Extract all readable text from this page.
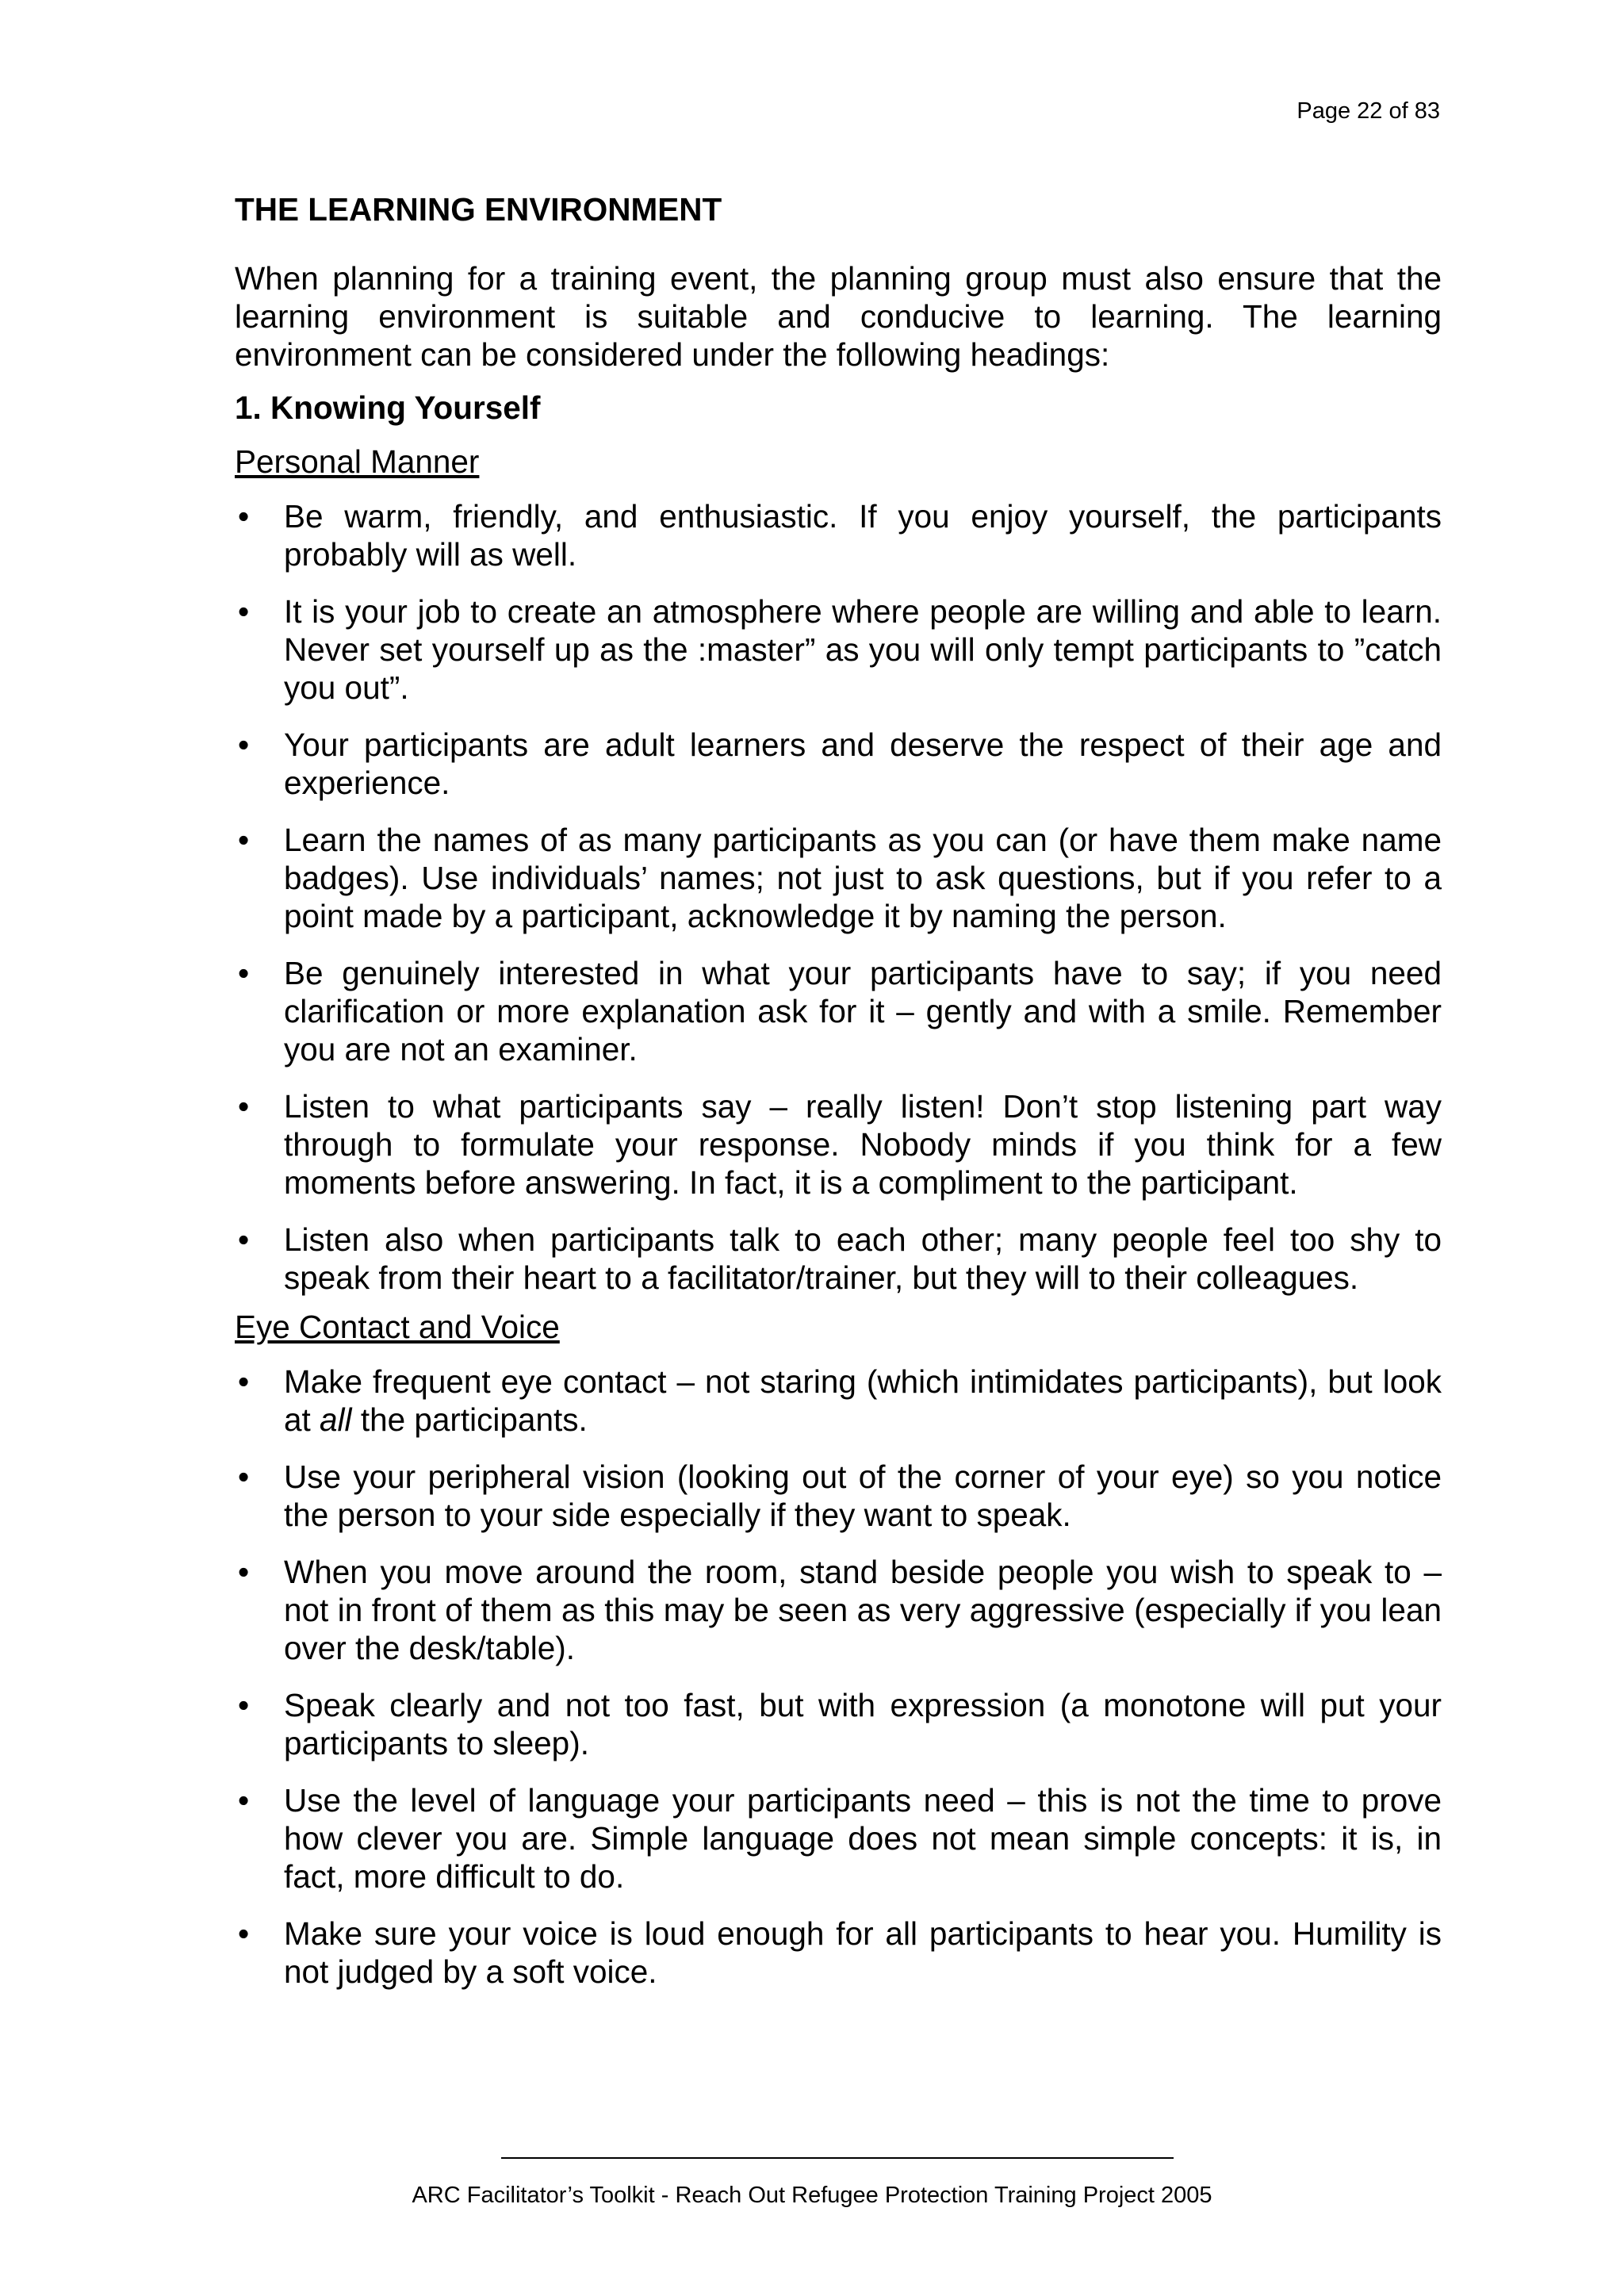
Page 22 of 83
THE LEARNING ENVIRONMENT
When planning for a training event, the planning group must also ensure that the learning environment is suitable and conducive to learning. The learning environment can be considered under the following headings:
1. Knowing Yourself
Personal Manner
•	Be warm, friendly, and enthusiastic. If you enjoy yourself, the participants probably will as well.
•	It is your job to create an atmosphere where people are willing and able to learn. Never set yourself up as the :master” as you will only tempt participants to ”catch you out”.
•	Your participants are adult learners and deserve the respect of their age and experience.
•	Learn the names of as many participants as you can (or have them make name badges). Use individuals’ names; not just to ask questions, but if you refer to a point made by a participant, acknowledge it by naming the person.
•	Be genuinely interested in what your participants have to say; if you need clarification or more explanation ask for it – gently and with a smile. Remember you are not an examiner.
•	Listen to what participants say – really listen! Don’t stop listening part way through to formulate your response. Nobody minds if you think for a few moments before answering. In fact, it is a compliment to the participant.
•	Listen also when participants talk to each other; many people feel too shy to speak from their heart to a facilitator/trainer, but they will to their colleagues.
Eye Contact and Voice
•	Make frequent eye contact – not staring (which intimidates participants), but look at all the participants.
•	Use your peripheral vision (looking out of the corner of your eye) so you notice the person to your side especially if they want to speak.
•	When you move around the room, stand beside people you wish to speak to – not in front of them as this may be seen as very aggressive (especially if you lean over the desk/table).
•	Speak clearly and not too fast, but with expression (a monotone will put your participants to sleep).
•	Use the level of language your participants need – this is not the time to prove how clever you are. Simple language does not mean simple concepts: it is, in fact, more difficult to do.
•	Make sure your voice is loud enough for all participants to hear you. Humility is not judged by a soft voice.
ARC Facilitator’s Toolkit - Reach Out Refugee Protection Training Project 2005
